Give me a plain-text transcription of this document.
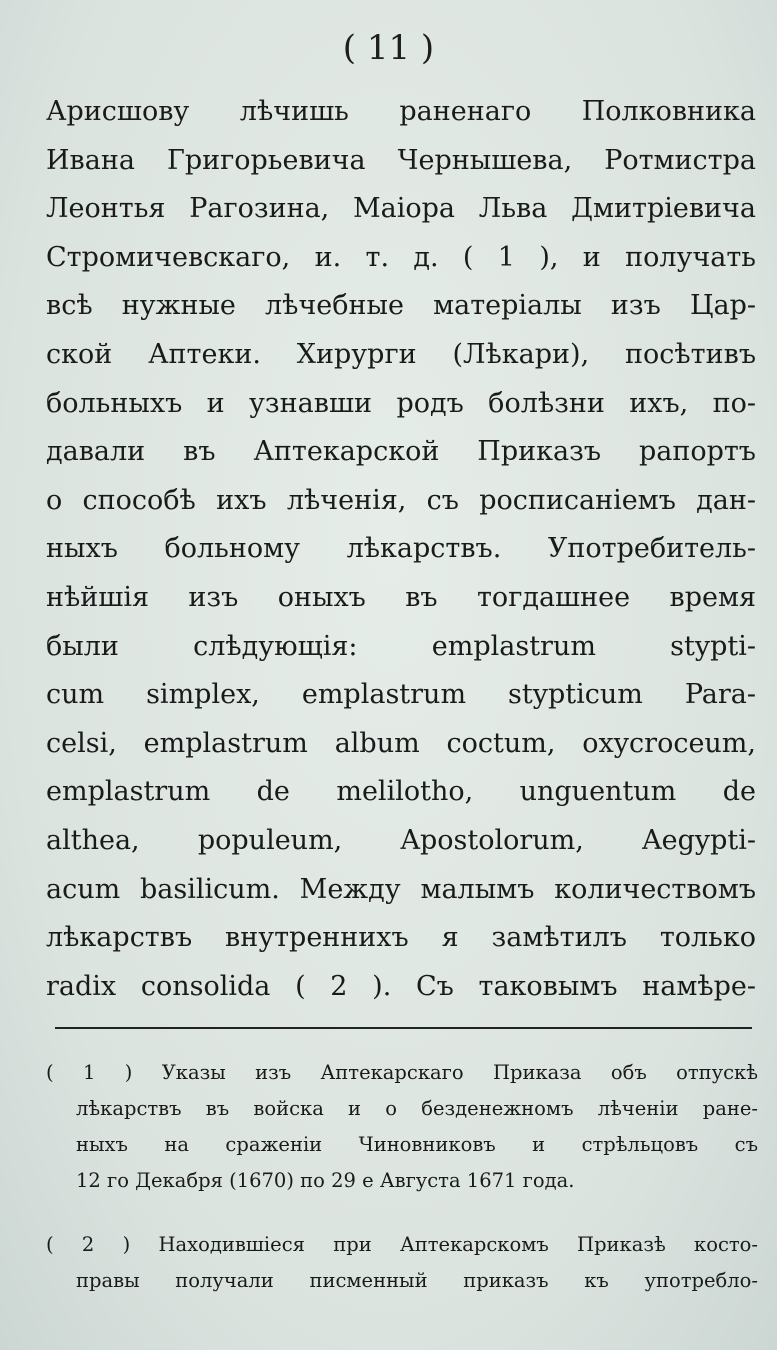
( 11 )
Арисшову лѣчишь раненаго Полковника
Ивана Григорьевича Чернышева, Ротмистра
Леонтья Рагозина, Маіора Льва Дмитріевича
Стромичевскаго, и. т. д. ( 1 ), и получать
всѣ нужные лѣчебные матеріалы изъ Цар-
ской Аптеки. Хирурги (Лѣкари), посѣтивъ
больныхъ и узнавши родъ болѣзни ихъ, по-
давали въ Аптекарской Приказъ рапортъ
о способѣ ихъ лѣченія, съ росписаніемъ дан-
ныхъ больному лѣкарствъ. Употребитель-
нѣйшія изъ оныхъ въ тогдашнее время
были слѣдующія: emplastrum stypti-
cum simplex, emplastrum stypticum Para-
celsi, emplastrum album coctum, oxycroceum,
emplastrum de melilotho, unguentum de
althea, populeum, Apostolorum, Aegypti-
acum basilicum. Между малымъ количествомъ
лѣкарствъ внутреннихъ я замѣтилъ только
radix consolida ( 2 ). Съ таковымъ намѣре-
( 1 ) Указы изъ Аптекарскаго Приказа объ отпускѣ
лѣкарствъ въ войска и о безденежномъ лѣченіи ране-
ныхъ на сраженіи Чиновниковъ и стрѣльцовъ съ
12 го Декабря (1670) по 29 е Августа 1671 года.
( 2 ) Находившіеся при Аптекарскомъ Приказѣ косто-
правы получали писменный приказъ къ употребло-
